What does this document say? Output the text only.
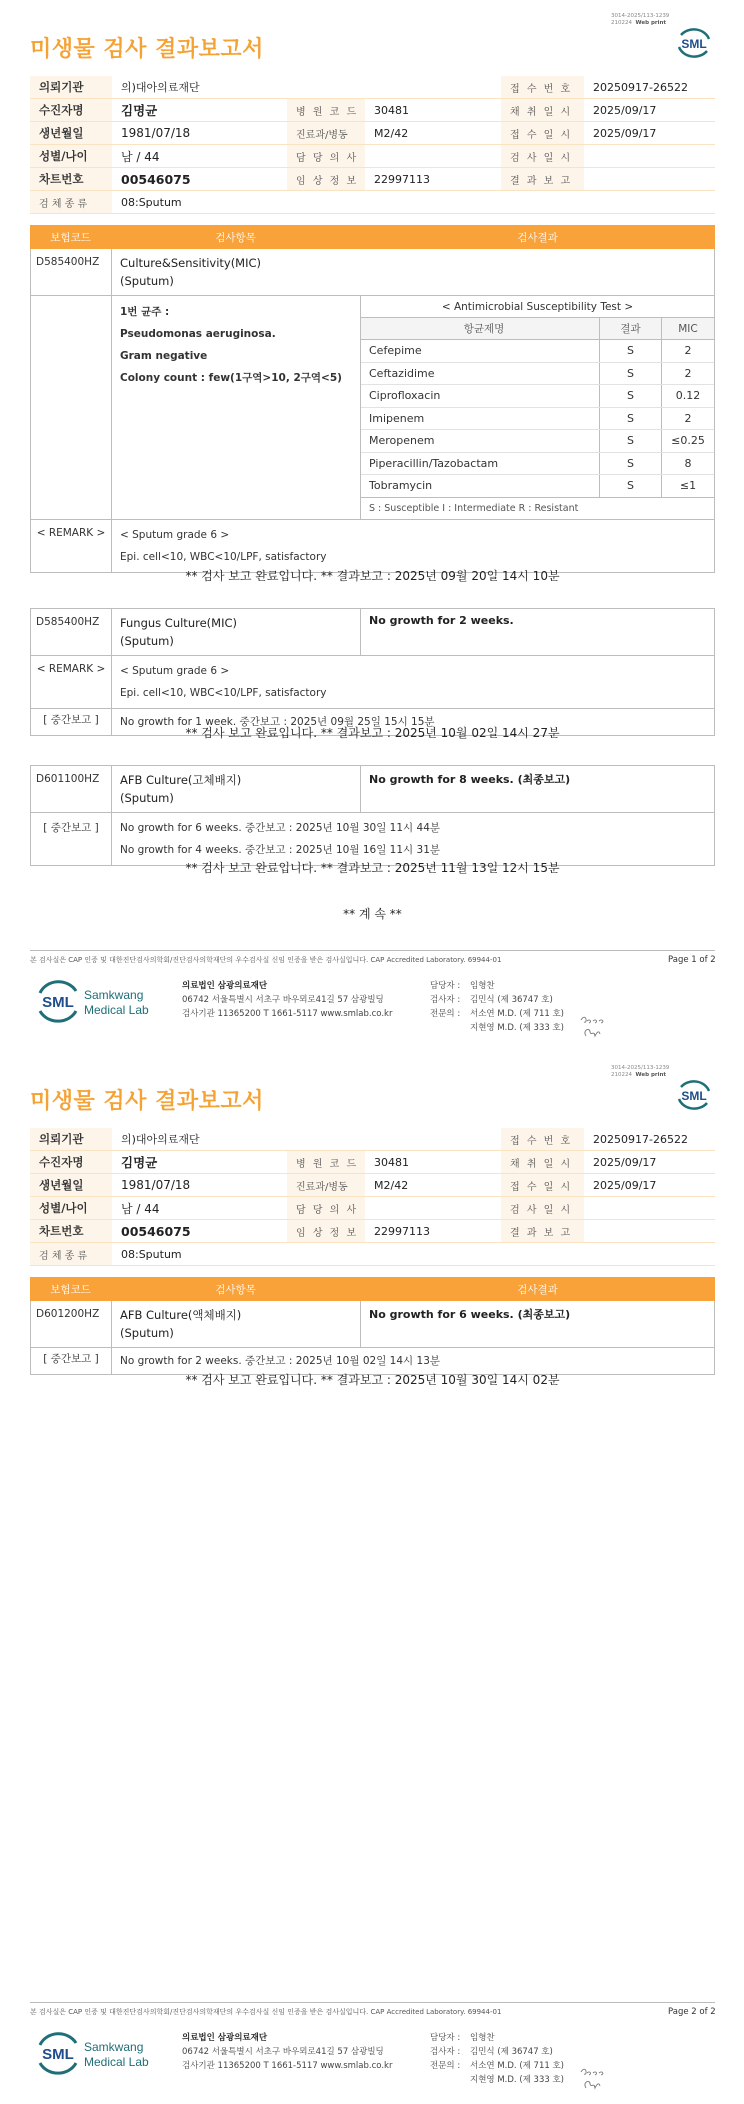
3014-2025/113-1239
210224 Web print
SML
미생물 검사 결과보고서
의뢰기관	의)대아의료재단	접 수 번 호	20250917-26522
수진자명	김명균	병 원 코 드	30481	채 취 일 시	2025/09/17
생년월일	1981/07/18	진료과/병동	M2/42	접 수 일 시	2025/09/17
성별/나이	남 / 44	담 당 의 사	검 사 일 시
차트번호	00546075	임 상 정 보	22997113	결 과 보 고
검 체 종 류	08:Sputum
보험코드	검사항목	검사결과
D585400HZ	Culture&Sensitivity(MIC)
(Sputum)
1번 균주 :
Pseudomonas aeruginosa.
Gram negative
Colony count : few(1구역>10, 2구역<5)
< Antimicrobial Susceptibility Test >
항균제명	결과	MIC
Cefepime	S	2
Ceftazidime	S	2
Ciprofloxacin	S	0.12
Imipenem	S	2
Meropenem	S	≤0.25
Piperacillin/Tazobactam	S	8
Tobramycin	S	≤1
S : Susceptible I : Intermediate R : Resistant
< REMARK >	< Sputum grade 6 >
Epi. cell<10, WBC<10/LPF, satisfactory
** 검사 보고 완료입니다. ** 결과보고 : 2025년 09월 20일 14시 10분
D585400HZ	Fungus Culture(MIC)
(Sputum)
No growth for 2 weeks.
< REMARK >	< Sputum grade 6 >
Epi. cell<10, WBC<10/LPF, satisfactory
[ 중간보고 ]	No growth for 1 week. 중간보고 : 2025년 09월 25일 15시 15분
** 검사 보고 완료입니다. ** 결과보고 : 2025년 10월 02일 14시 27분
D601100HZ	AFB Culture(고체배지)
(Sputum)
No growth for 8 weeks. (최종보고)
[ 중간보고 ]	No growth for 6 weeks. 중간보고 : 2025년 10월 30일 11시 44분
No growth for 4 weeks. 중간보고 : 2025년 10월 16일 11시 31분
** 검사 보고 완료입니다. ** 결과보고 : 2025년 11월 13일 12시 15분
** 계 속 **
본 검사실은 CAP 인증 및 대한진단검사의학회/진단검사의학재단의 우수검사실 신임 인증을 받은 검사실입니다. CAP Accredited Laboratory. 69944-01	Page 1 of 2
SML Samkwang
Medical Lab
의료법인 삼광의료재단
06742 서울특별시 서초구 바우뫼로41길 57 삼광빌딩
검사기관 11365200 T 1661-5117 www.smlab.co.kr
담당자 :	임형찬
검사자 :	김민식 (제 36747 호)
전문의 :	서소연 M.D. (제 711 호)
지현영 M.D. (제 333 호)
3014-2025/113-1239
210224 Web print
SML
미생물 검사 결과보고서
의뢰기관	의)대아의료재단	접 수 번 호	20250917-26522
수진자명	김명균	병 원 코 드	30481	채 취 일 시	2025/09/17
생년월일	1981/07/18	진료과/병동	M2/42	접 수 일 시	2025/09/17
성별/나이	남 / 44	담 당 의 사	검 사 일 시
차트번호	00546075	임 상 정 보	22997113	결 과 보 고
검 체 종 류	08:Sputum
보험코드	검사항목	검사결과
D601200HZ	AFB Culture(액체배지)
(Sputum)
No growth for 6 weeks. (최종보고)
[ 중간보고 ]	No growth for 2 weeks. 중간보고 : 2025년 10월 02일 14시 13분
** 검사 보고 완료입니다. ** 결과보고 : 2025년 10월 30일 14시 02분
본 검사실은 CAP 인증 및 대한진단검사의학회/진단검사의학재단의 우수검사실 신임 인증을 받은 검사실입니다. CAP Accredited Laboratory. 69944-01	Page 2 of 2
SML Samkwang
Medical Lab
의료법인 삼광의료재단
06742 서울특별시 서초구 바우뫼로41길 57 삼광빌딩
검사기관 11365200 T 1661-5117 www.smlab.co.kr
담당자 :	임형찬
검사자 :	김민식 (제 36747 호)
전문의 :	서소연 M.D. (제 711 호)
지현영 M.D. (제 333 호)
